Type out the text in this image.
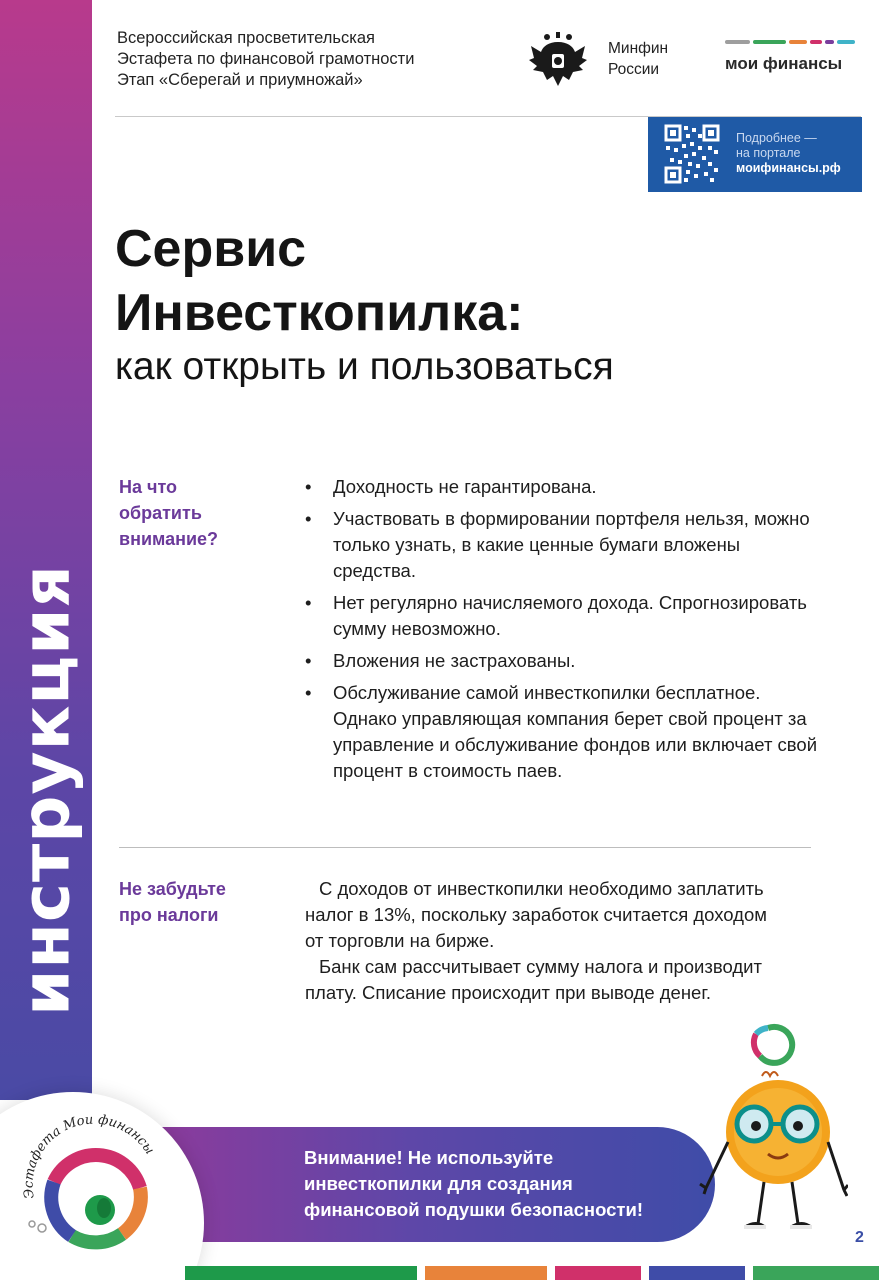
инструкция
Всероссийская просветительская
Эстафета по финансовой грамотности
Этап «Сберегай и приумножай»
Минфин
России	мои финансы
Подробнее —
на портале
моифинансы.рф
Сервис
Инвесткопилка:
как открыть и пользоваться
На что
обратить
внимание?
• Доходность не гарантирована.
• Участвовать в формировании портфеля нельзя, можно только узнать, в какие ценные бумаги вложены средства.
• Нет регулярно начисляемого дохода. Спрогнозировать сумму невозможно.
• Вложения не застрахованы.
• Обслуживание самой инвесткопилки бесплатное. Однако управляющая компания берет свой процент за управление и обслуживание фондов или включает свой процент в стоимость паев.
Не забудьте
про налоги

С доходов от инвесткопилки необходимо заплатить налог в 13%, поскольку заработок считается доходом от торговли на бирже.

Банк сам рассчитывает сумму налога и производит плату. Списание происходит при выводе денег.

Внимание! Не используйте
инвесткопилки для создания
финансовой подушки безопасности!
Эстафета Мои финансы
2
